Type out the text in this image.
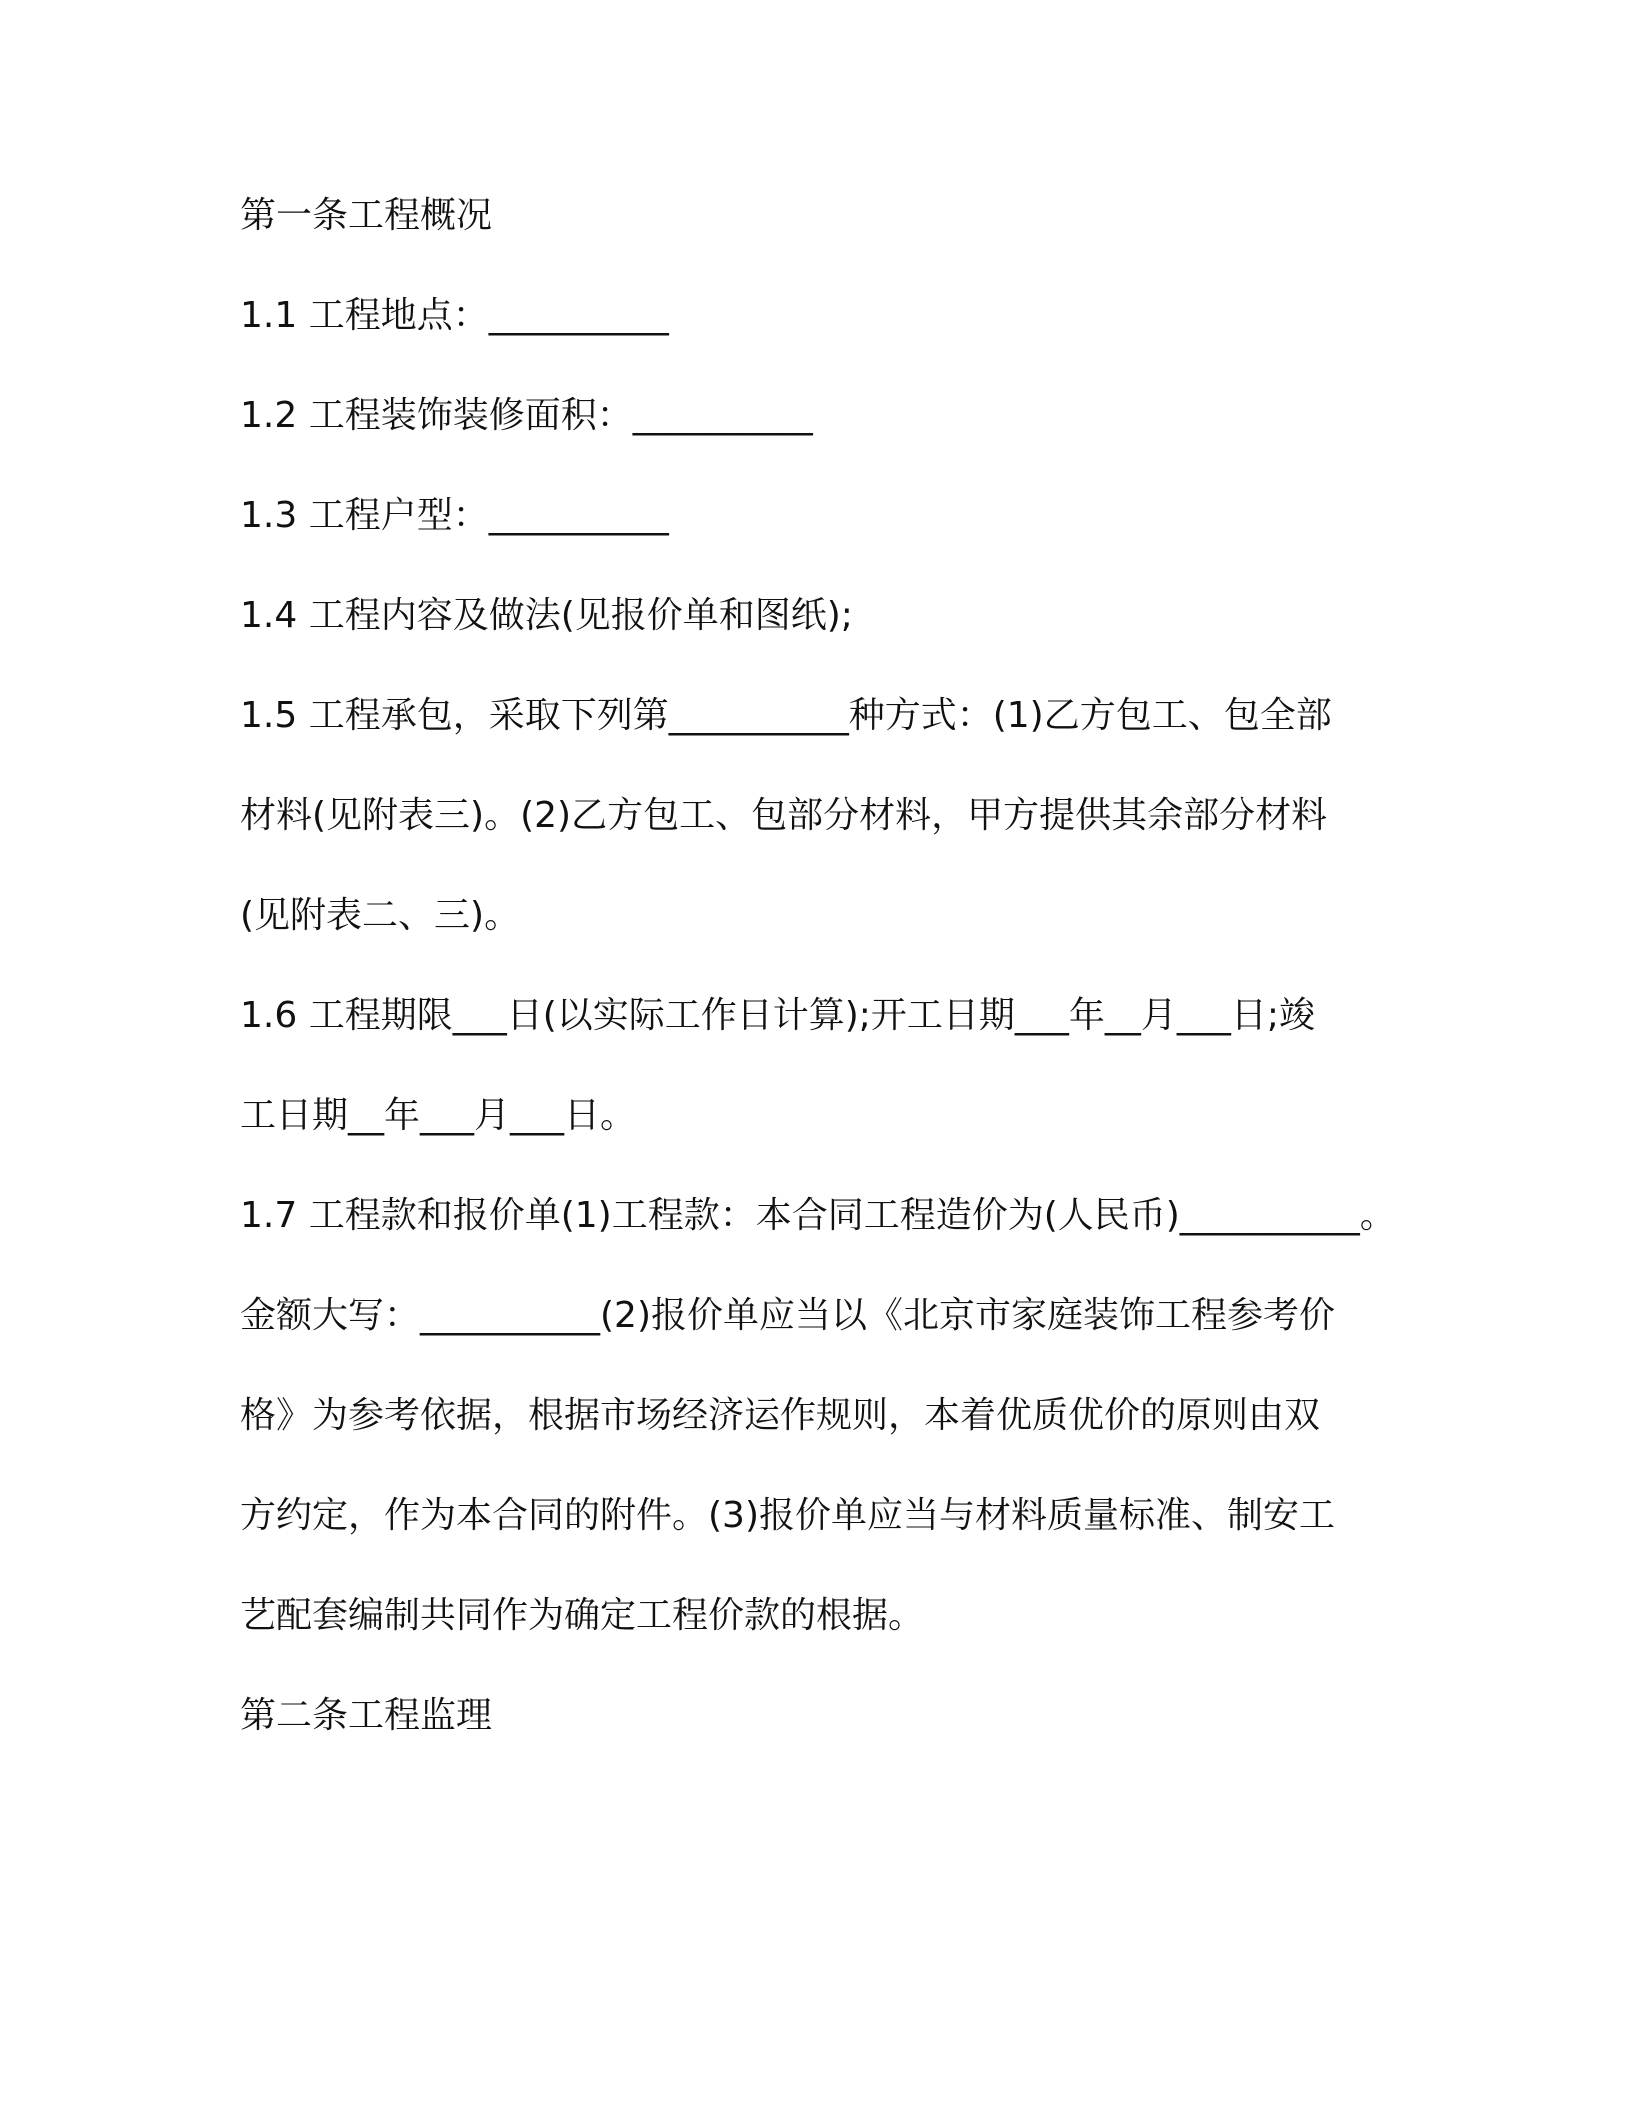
第一条工程概况
1.1 工程地点：__________
1.2 工程装饰装修面积：__________
1.3 工程户型：__________
1.4 工程内容及做法(见报价单和图纸);
1.5 工程承包，采取下列第__________种方式：(1)乙方包工、包全部
材料(见附表三)。(2)乙方包工、包部分材料，甲方提供其余部分材料
(见附表二、三)。
1.6 工程期限___日(以实际工作日计算);开工日期___年__月___日;竣
工日期__年___月___日。
1.7 工程款和报价单(1)工程款：本合同工程造价为(人民币)__________。
金额大写：__________(2)报价单应当以《北京市家庭装饰工程参考价
格》为参考依据，根据市场经济运作规则，本着优质优价的原则由双
方约定，作为本合同的附件。(3)报价单应当与材料质量标准、制安工
艺配套编制共同作为确定工程价款的根据。
第二条工程监理
